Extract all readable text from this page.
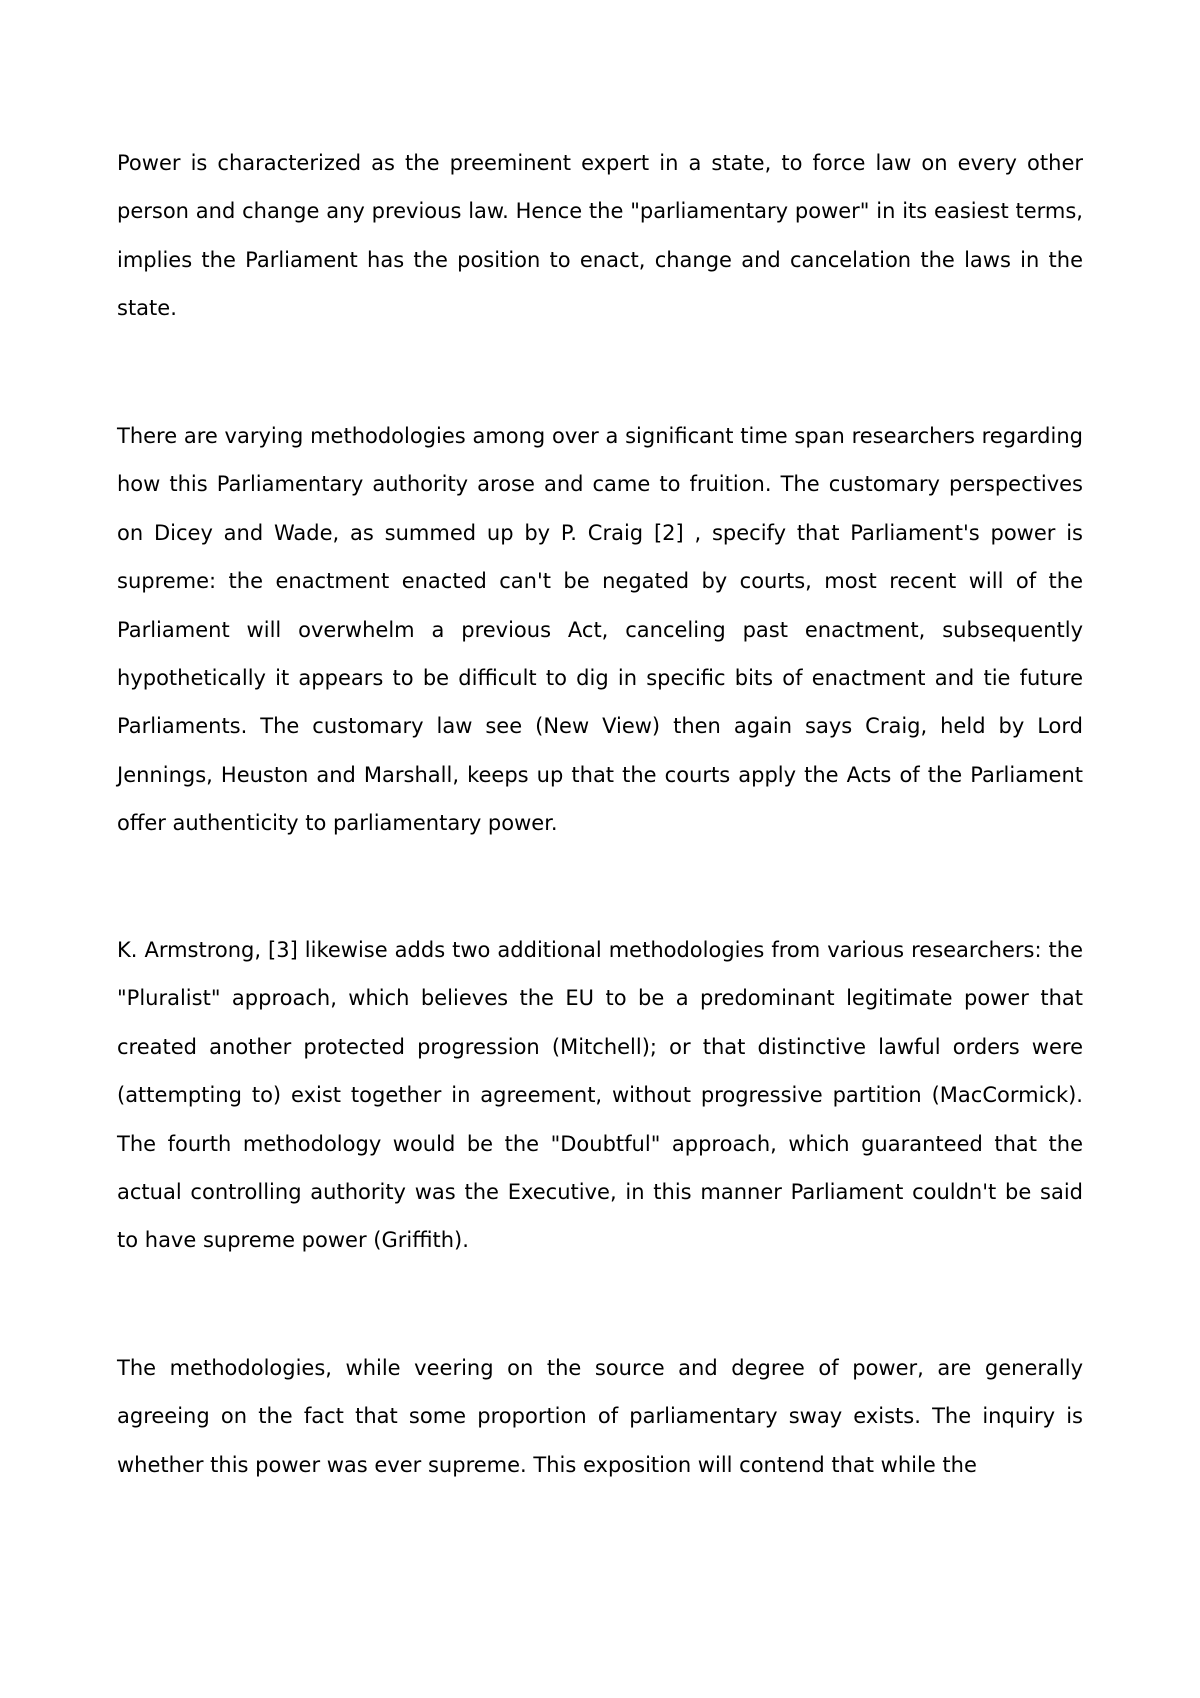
Power is characterized as the preeminent expert in a state, to force law on every other person and change any previous law. Hence the "parliamentary power" in its easiest terms, implies the Parliament has the position to enact, change and cancelation the laws in the state.

There are varying methodologies among over a significant time span researchers regarding how this Parliamentary authority arose and came to fruition. The customary perspectives on Dicey and Wade, as summed up by P. Craig [2] , specify that Parliament's power is supreme: the enactment enacted can't be negated by courts, most recent will of the Parliament will overwhelm a previous Act, canceling past enactment, subsequently hypothetically it appears to be difficult to dig in specific bits of enactment and tie future Parliaments. The customary law see (New View) then again says Craig, held by Lord Jennings, Heuston and Marshall, keeps up that the courts apply the Acts of the Parliament offer authenticity to parliamentary power.

K. Armstrong, [3] likewise adds two additional methodologies from various researchers: the "Pluralist" approach, which believes the EU to be a predominant legitimate power that created another protected progression (Mitchell); or that distinctive lawful orders were (attempting to) exist together in agreement, without progressive partition (MacCormick). The fourth methodology would be the "Doubtful" approach, which guaranteed that the actual controlling authority was the Executive, in this manner Parliament couldn't be said to have supreme power (Griffith).

The methodologies, while veering on the source and degree of power, are generally agreeing on the fact that some proportion of parliamentary sway exists. The inquiry is whether this power was ever supreme. This exposition will contend that while the
